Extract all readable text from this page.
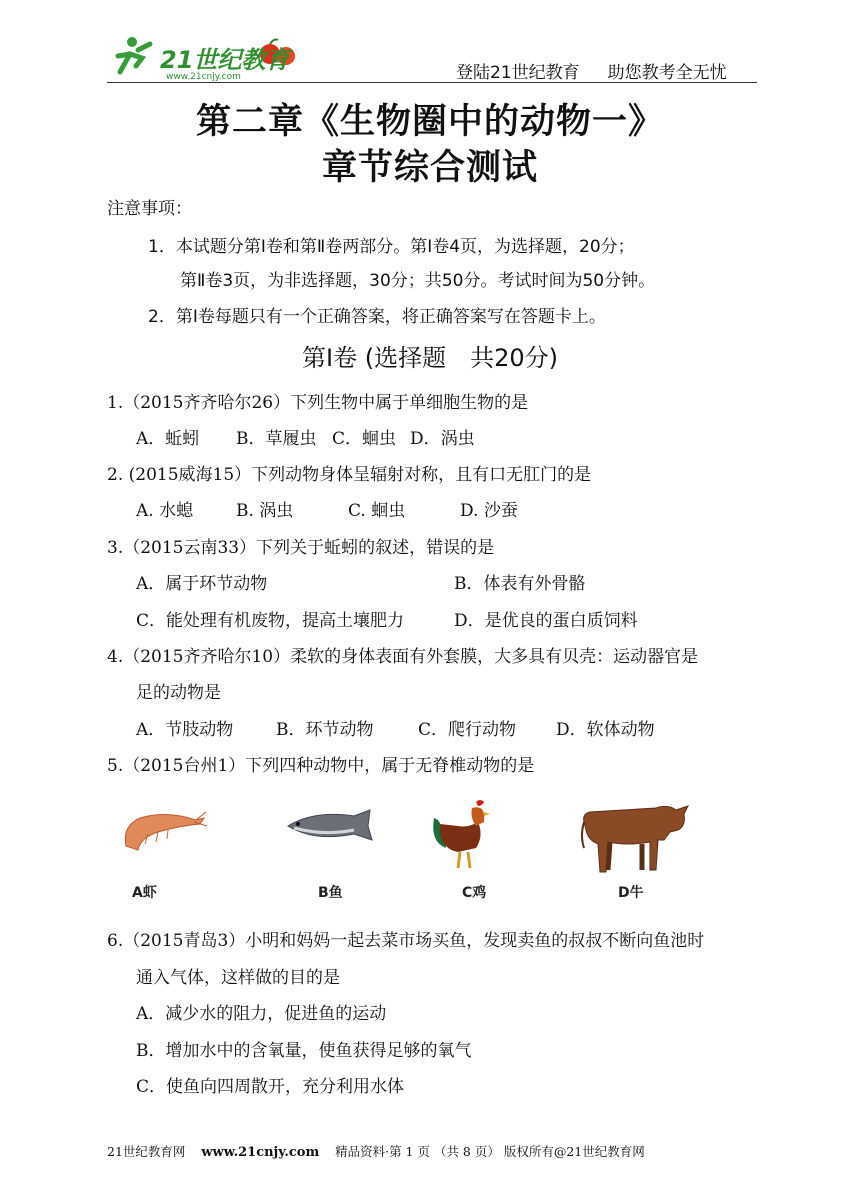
21世纪教育
www.21cnjy.com	登陆21世纪教育 助您教考全无忧
第二章《生物圈中的动物一》
章节综合测试
注意事项：
1．本试题分第Ⅰ卷和第Ⅱ卷两部分。第Ⅰ卷4页，为选择题，20分；
第Ⅱ卷3页，为非选择题，30分；共50分。考试时间为50分钟。
2．第Ⅰ卷每题只有一个正确答案，将正确答案写在答题卡上。
第Ⅰ卷 (选择题　共20分)
1.（2015齐齐哈尔26）下列生物中属于单细胞生物的是
A．蚯蚓 B．草履虫 C．蛔虫 D．涡虫
2. (2015威海15）下列动物身体呈辐射对称，且有口无肛门的是
A. 水螅	B. 涡虫	C. 蛔虫	D. 沙蚕
3.（2015云南33）下列关于蚯蚓的叙述，错误的是
A．属于环节动物	B．体表有外骨骼
C．能处理有机废物，提高土壤肥力	D．是优良的蛋白质饲料
4.（2015齐齐哈尔10）柔软的身体表面有外套膜，大多具有贝壳：运动器官是
足的动物是
A．节肢动物	B．环节动物	C．爬行动物 D．软体动物
5.（2015台州1）下列四种动物中，属于无脊椎动物的是
A虾	B鱼	C鸡	D牛
6.（2015青岛3）小明和妈妈一起去菜市场买鱼，发现卖鱼的叔叔不断向鱼池时
通入气体，这样做的目的是
A．减少水的阻力，促进鱼的运动
B．增加水中的含氧量，使鱼获得足够的氧气
C．使鱼向四周散开，充分利用水体
21世纪教育网 www.21cnjy.com 精品资料·第 1 页 （共 8 页） 版权所有@21世纪教育网
